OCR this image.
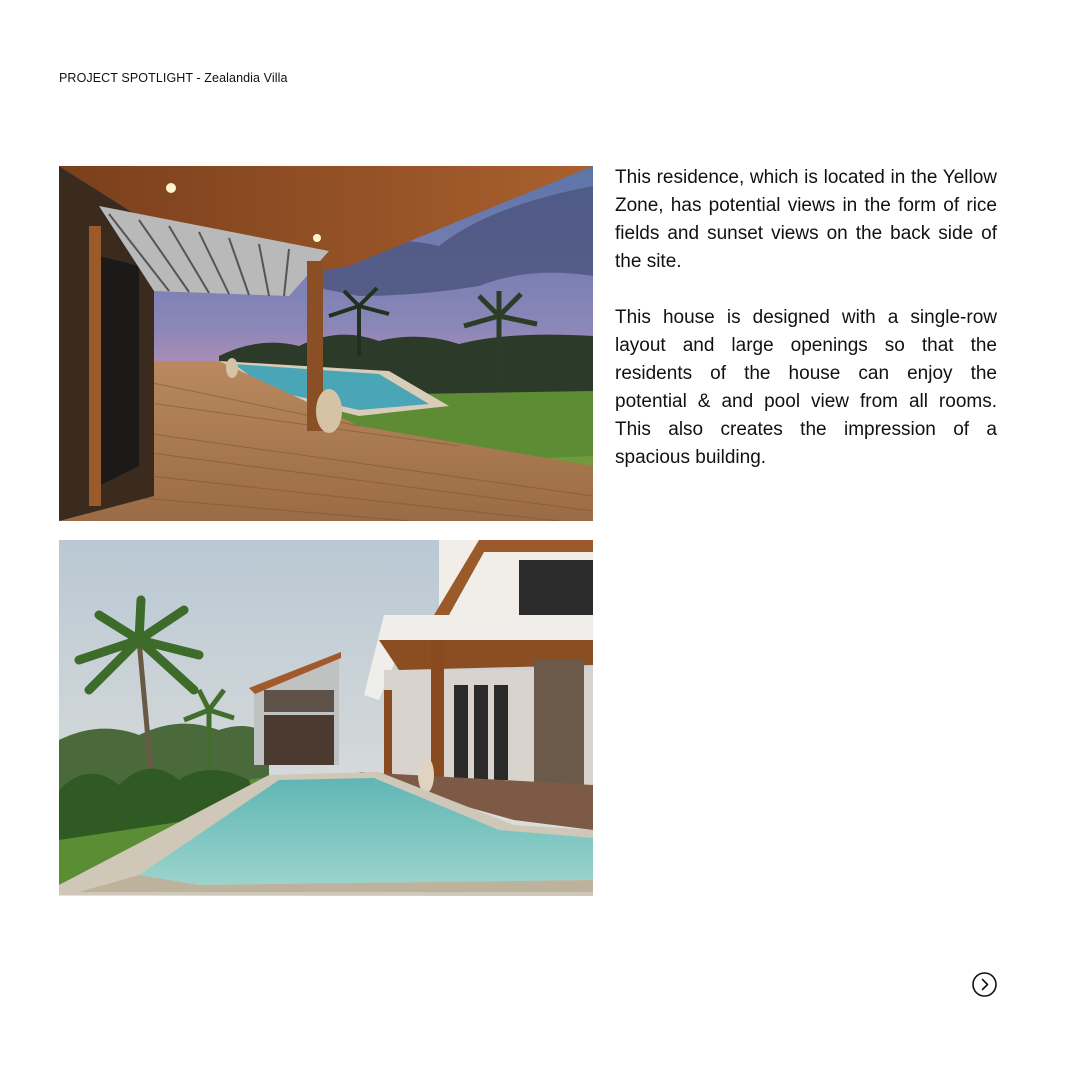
PROJECT SPOTLIGHT - Zealandia Villa

This residence, which is located in the Yellow Zone, has potential views in the form of rice fields and sunset views on the back side of the site.

This house is designed with a single-row layout and large openings so that the residents of the house can enjoy the potential & and pool view from all rooms. This also creates the impression of a spacious building.
